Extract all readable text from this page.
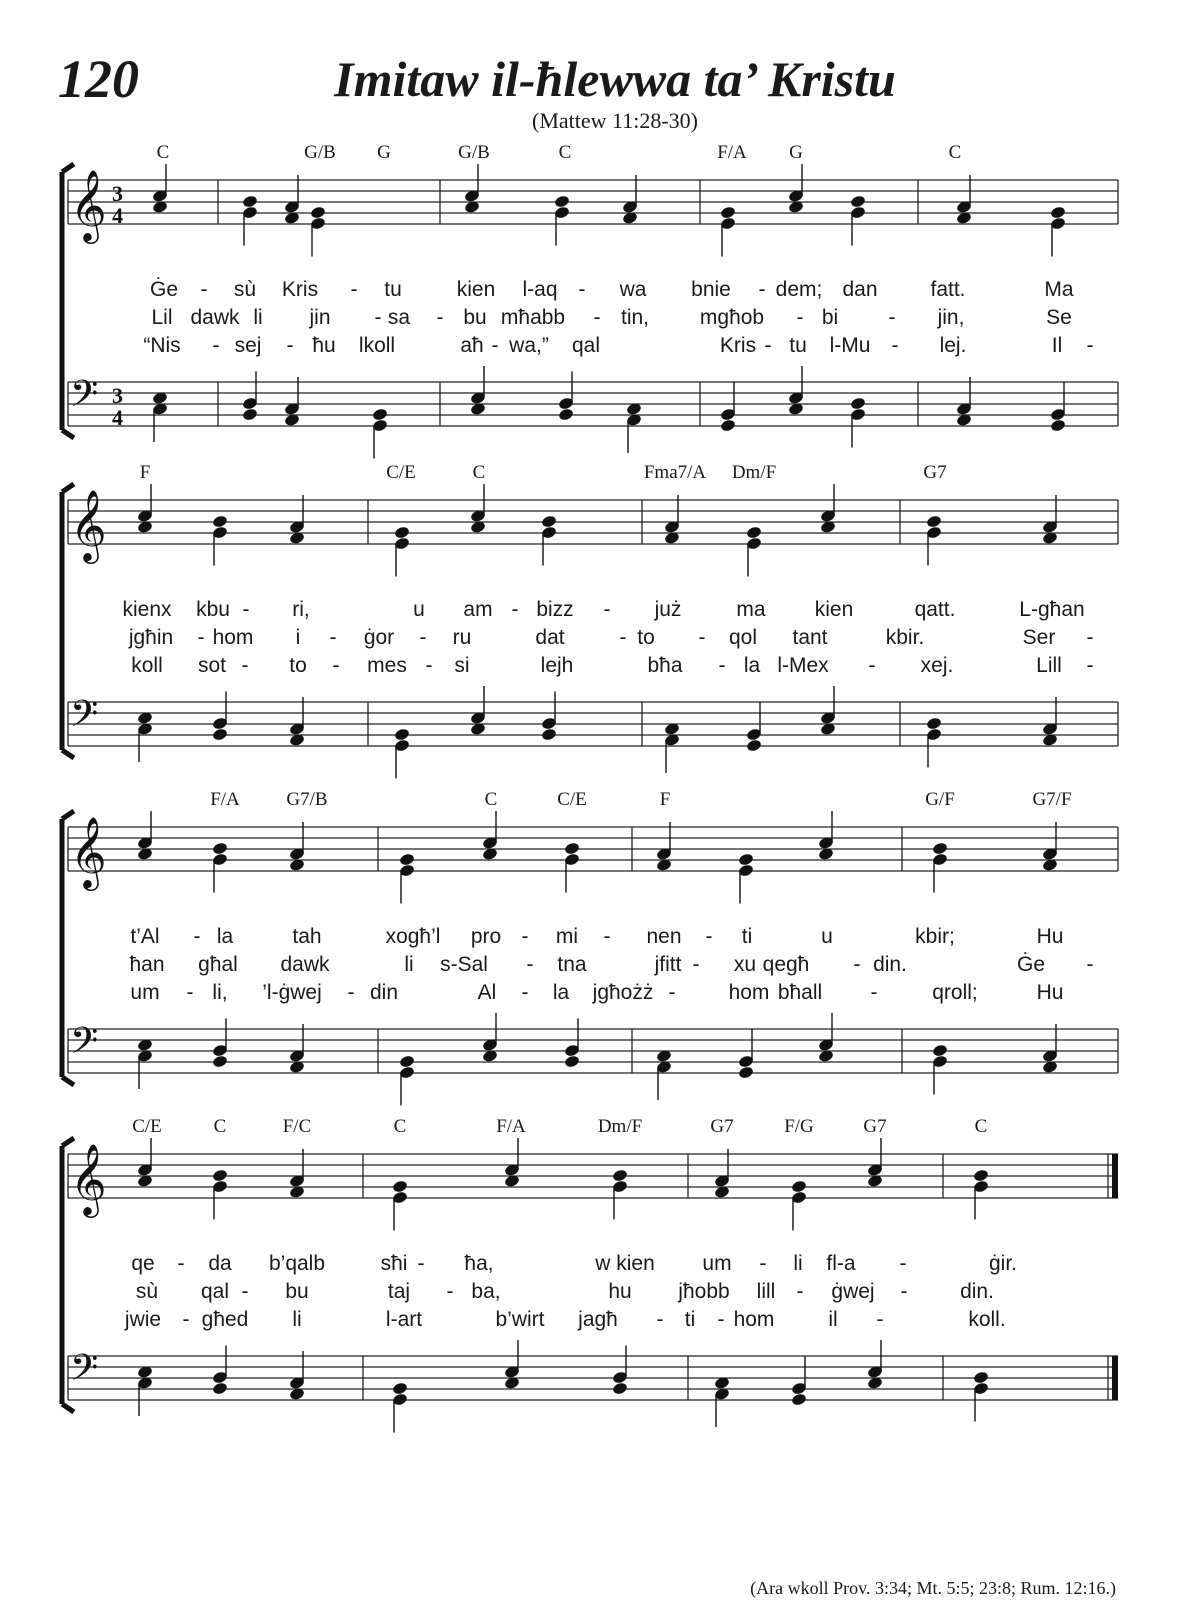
120	Imitaw il-ħlewwa ta’ Kristu
(Mattew 11:28-30)
C	G/B G	G/B	C	F/A G	C
𝄞 3
4
𝄢 3
4
Ġe - sù Kris - tu	kien l-aq - wa bnie - dem; dan	fatt.	Ma
Lil dawk li jin - sa - bu mħabb - tin, mgħob - bi - jin,	Se
“Nis - sej - ħu lkoll	aħ - wa,” qal	Kris - tu l-Mu - lej.	Il -
F	C/E	C	Fma7/A Dm/F	G7
𝄞
𝄢
kienx kbu - ri,	u am - bizz - już	ma kien	qatt.	L-għan
jgħin - hom i - ġor - ru	dat	- to - qol tant	kbir.	Ser -
koll sot - to - mes - si	lejh	bħa - la l-Mex - xej.	Lill -
F/A G7/B	C	C/E	F	G/F	G7/F
𝄞
𝄢
t’Al - la	tah	xogħ’l pro - mi - nen - ti	u	kbir;	Hu
ħan għal dawk	li s-Sal - tna	jfitt - xu qegħ - din.	Ġe -
um - li, ’l-ġwej - din	Al - la jgħożż -	hom bħall -	qroll;	Hu
C/E	C	F/C	C	F/A	Dm/F	G7	F/G	G7	C
𝄞
𝄢
qe - da b’qalb	sħi - ħa,	w kien um - li fl-a -	ġir.
sù qal - bu	taj - ba,	hu jħobb lill - ġwej -	din.
jwie - għed li	l-art	b’wirt jagħ - ti - hom	il -	koll.
(Ara wkoll Prov. 3:34; Mt. 5:5; 23:8; Rum. 12:16.)
